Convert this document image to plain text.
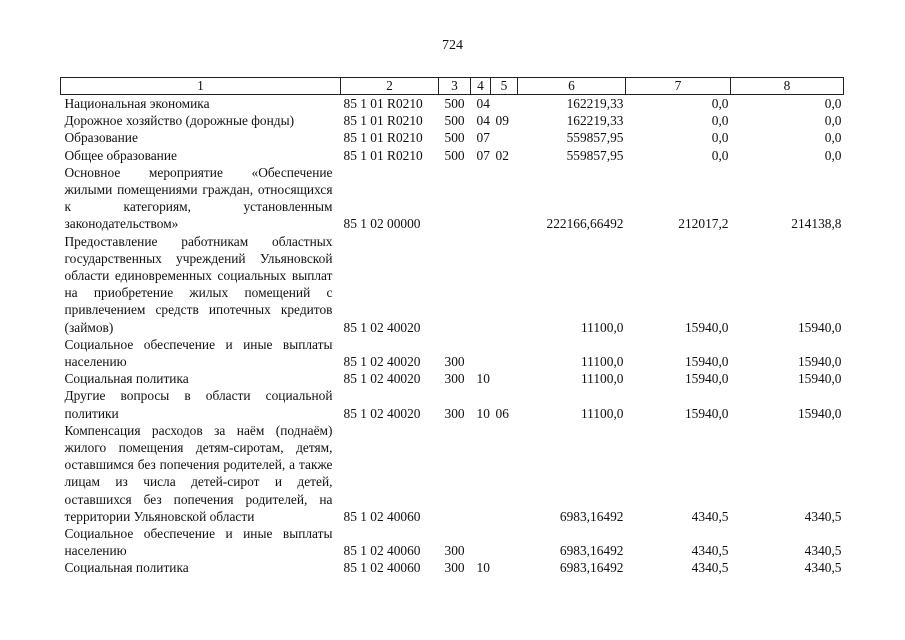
724
1	2	3	4	5	6	7	8
Национальная экономика	85 1 01 R0210	500	04		162219,33	0,0	0,0
Дорожное хозяйство (дорожные фонды)	85 1 01 R0210	500	04	09	162219,33	0,0	0,0
Образование	85 1 01 R0210	500	07		559857,95	0,0	0,0
Общее образование	85 1 01 R0210	500	07	02	559857,95	0,0	0,0
Основное мероприятие «Обеспечение жилыми помещениями граждан, относящихся к категориям, установленным законодательством»	85 1 02 00000				222166,66492	212017,2	214138,8
Предоставление работникам областных государственных учреждений Ульяновской области единовременных социальных выплат на приобретение жилых помещений с привлечением средств ипотечных кредитов (займов)	85 1 02 40020				11100,0	15940,0	15940,0
Социальное обеспечение и иные выплаты населению	85 1 02 40020	300			11100,0	15940,0	15940,0
Социальная политика	85 1 02 40020	300	10		11100,0	15940,0	15940,0
Другие вопросы в области социальной политики	85 1 02 40020	300	10	06	11100,0	15940,0	15940,0
Компенсация расходов за наём (поднаём) жилого помещения детям-сиротам, детям, оставшимся без попечения родителей, а также лицам из числа детей-сирот и детей, оставшихся без попечения родителей, на территории Ульяновской области	85 1 02 40060				6983,16492	4340,5	4340,5
Социальное обеспечение и иные выплаты населению	85 1 02 40060	300			6983,16492	4340,5	4340,5
Социальная политика	85 1 02 40060	300	10		6983,16492	4340,5	4340,5
